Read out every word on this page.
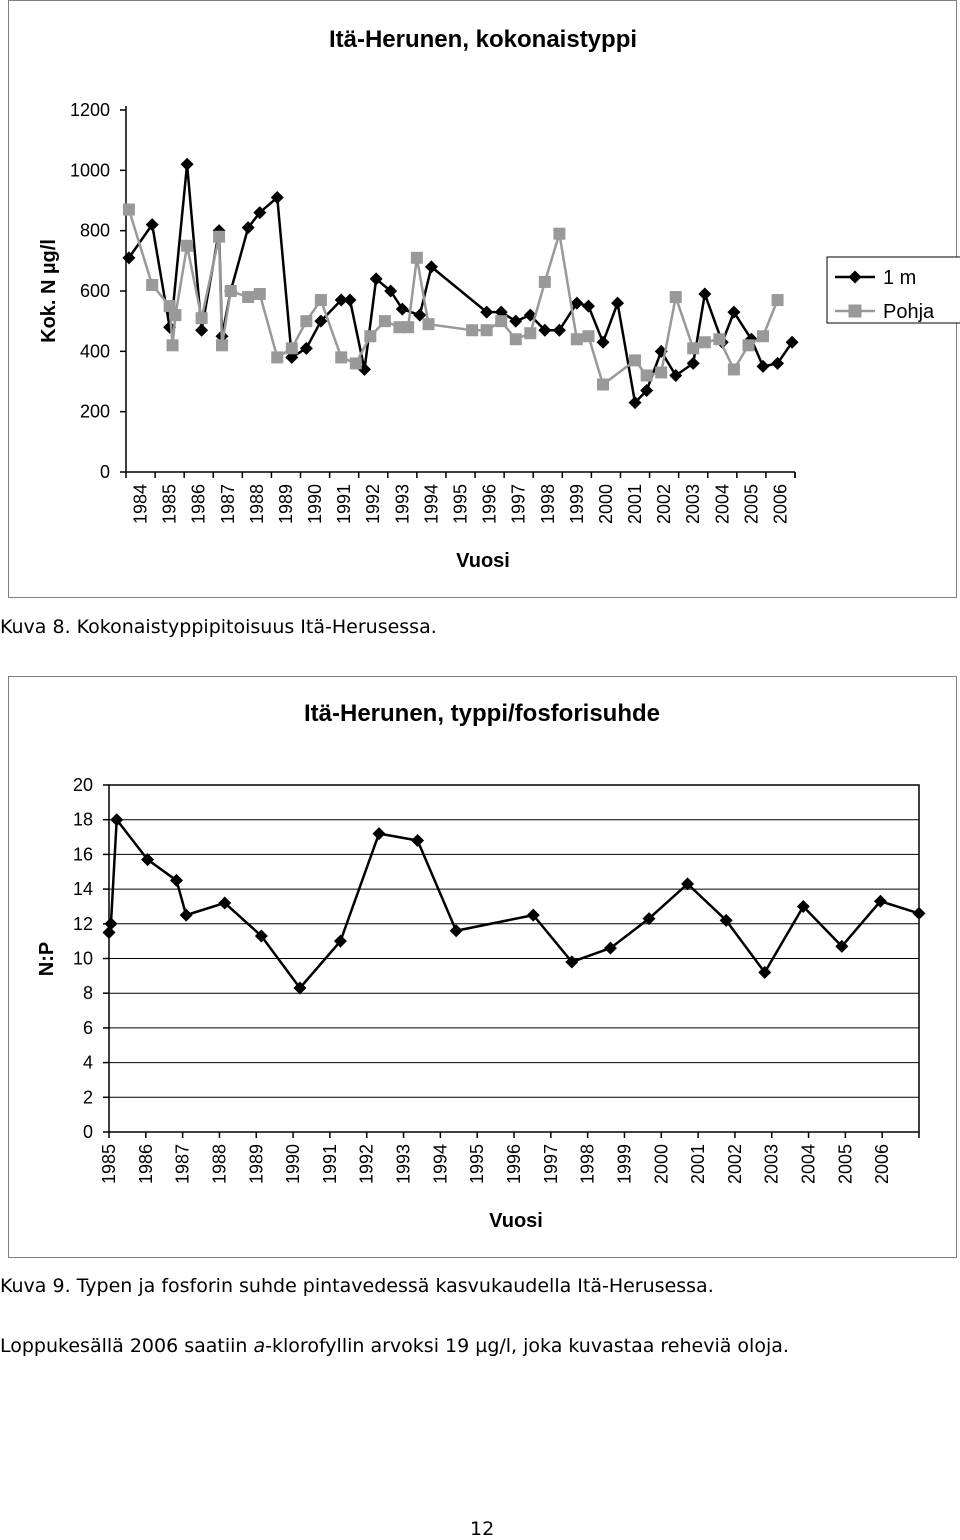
Itä-Herunen, kokonaistyppi
Vuosi
Kok. N µg/l
0
200
400
600
800
1000
1200
1984 1985 1986 1987 1988 1989 1990 1991 1992 1993 1994 1995 1996 1997 1998 1999 2000 2001 2002 2003 2004 2005 2006
1 m
Pohja
Kuva 8. Kokonaistyppipitoisuus Itä-Herusessa.
Itä-Herunen, typpi/fosforisuhde
Vuosi
N:P
0
2
4
6
8
10
12
14
16
18
20
1985 1986 1987 1988 1989 1990 1991 1992 1993 1994 1995 1996 1997 1998 1999 2000 2001 2002 2003 2004 2005 2006
Kuva 9. Typen ja fosforin suhde pintavedessä kasvukaudella Itä-Herusessa.
Loppukesällä 2006 saatiin a-klorofyllin arvoksi 19 µg/l, joka kuvastaa reheviä oloja.
12
